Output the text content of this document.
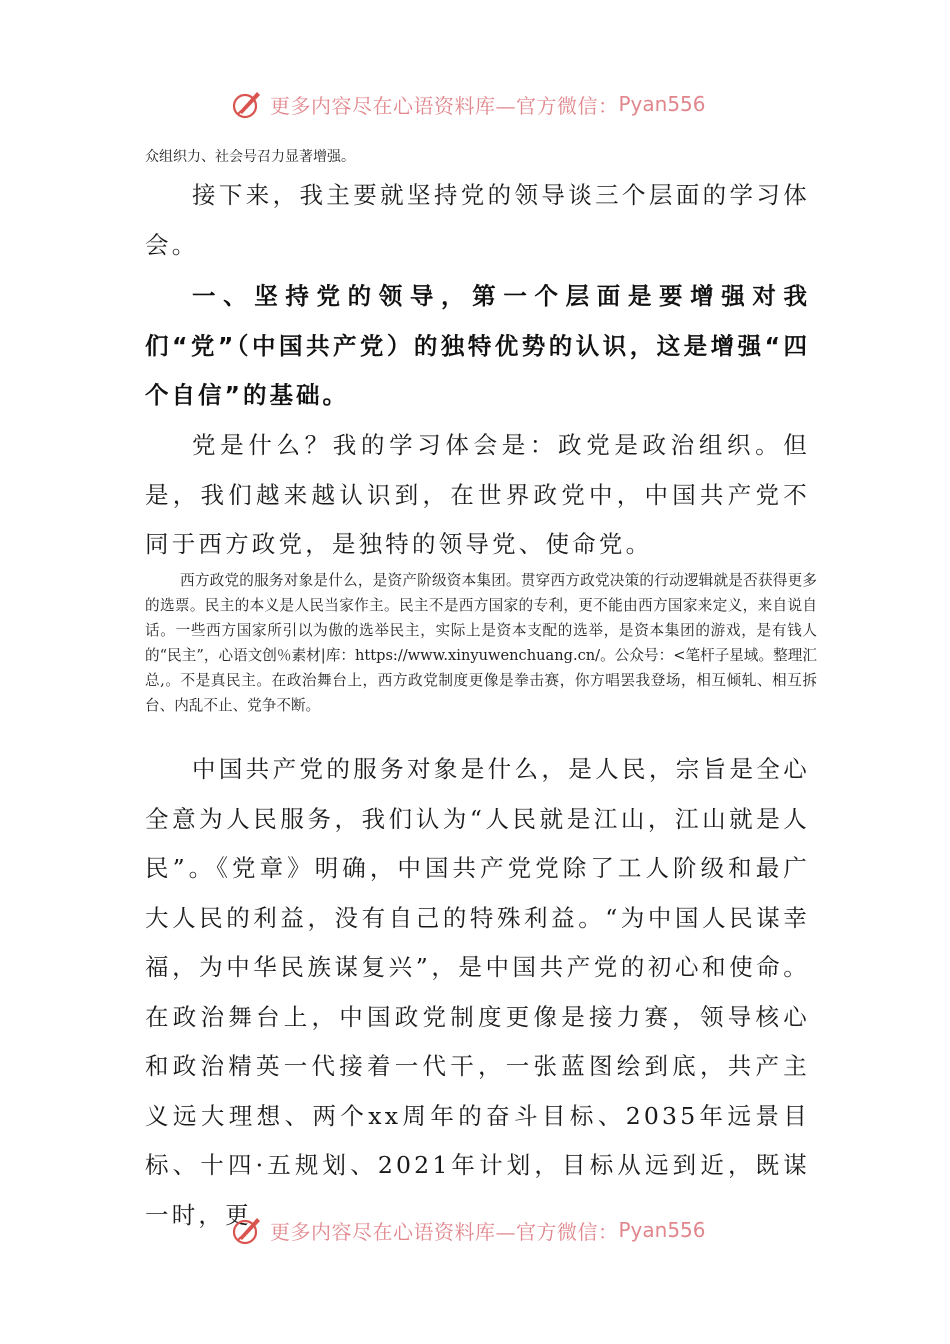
更多内容尽在心语资料库—官方微信： Pyan556
众组织力、社会号召力显著增强。
接下来，我主要就坚持党的领导谈三个层面的学习体会。
一、坚持党的领导，第一个层面是要增强对我们“党”（中国共产党）的独特优势的认识，这是增强“四个自信”的基础。
党是什么？我的学习体会是：政党是政治组织。但是，我们越来越认识到，在世界政党中，中国共产党不同于西方政党，是独特的领导党、使命党。
西方政党的服务对象是什么，是资产阶级资本集团。贯穿西方政党决策的行动逻辑就是否获得更多的选票。民主的本义是人民当家作主。民主不是西方国家的专利，更不能由西方国家来定义，来自说自话。一些西方国家所引以为傲的选举民主，实际上是资本支配的选举，是资本集团的游戏，是有钱人的“民主”，心语文创％素材|库：https://www.xinyuwenchuang.cn/。公众号：<笔杆子星域。整理汇总,。不是真民主。在政治舞台上，西方政党制度更像是拳击赛，你方唱罢我登场，相互倾轧、相互拆台、内乱不止、党争不断。
中国共产党的服务对象是什么，是人民，宗旨是全心全意为人民服务，我们认为“人民就是江山，江山就是人民”。《党章》明确，中国共产党党除了工人阶级和最广大人民的利益，没有自己的特殊利益。“为中国人民谋幸福，为中华民族谋复兴”，是中国共产党的初心和使命。在政治舞台上，中国政党制度更像是接力赛，领导核心和政治精英一代接着一代干，一张蓝图绘到底，共产主义远大理想、两个xx周年的奋斗目标、2035年远景目标、十四·五规划、2021年计划，目标从远到近，既谋一时，更
更多内容尽在心语资料库—官方微信： Pyan556
